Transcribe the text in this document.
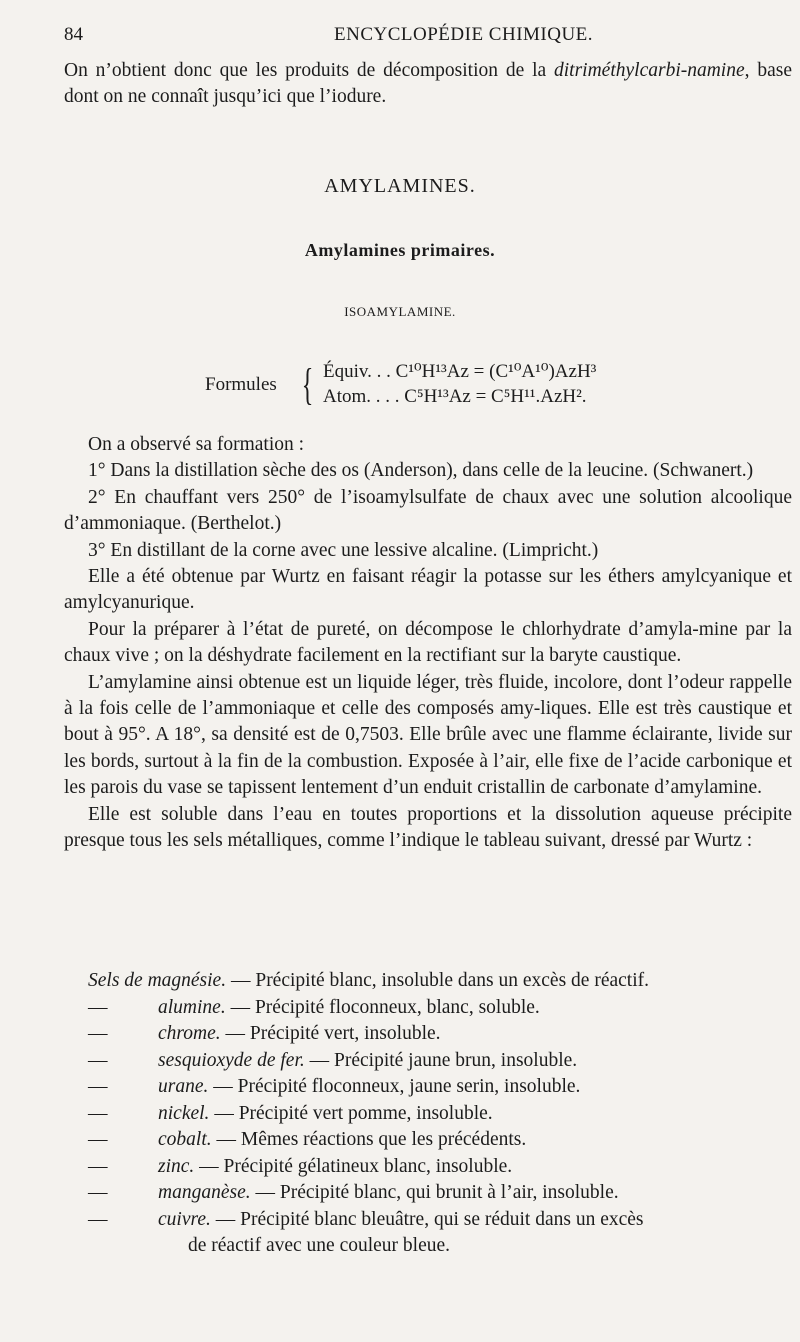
84	ENCYCLOPÉDIE CHIMIQUE.

On n’obtient donc que les produits de décomposition de la ditriméthylcarbi-namine, base dont on ne connaît jusqu’ici que l’iodure.

AMYLAMINES.
Amylamines primaires.
ISOAMYLAMINE.
Formules { Équiv. . . C¹⁰H¹³Az = (C¹⁰A¹⁰)AzH³
Atom. . . . C⁵H¹³Az = C⁵H¹¹.AzH².

On a observé sa formation :

1° Dans la distillation sèche des os (Anderson), dans celle de la leucine. (Schwanert.)

2° En chauffant vers 250° de l’isoamylsulfate de chaux avec une solution alcoolique d’ammoniaque. (Berthelot.)

3° En distillant de la corne avec une lessive alcaline. (Limpricht.)

Elle a été obtenue par Wurtz en faisant réagir la potasse sur les éthers amylcyanique et amylcyanurique.

Pour la préparer à l’état de pureté, on décompose le chlorhydrate d’amyla-mine par la chaux vive ; on la déshydrate facilement en la rectifiant sur la baryte caustique.

L’amylamine ainsi obtenue est un liquide léger, très fluide, incolore, dont l’odeur rappelle à la fois celle de l’ammoniaque et celle des composés amy-liques. Elle est très caustique et bout à 95°. A 18°, sa densité est de 0,7503. Elle brûle avec une flamme éclairante, livide sur les bords, surtout à la fin de la combustion. Exposée à l’air, elle fixe de l’acide carbonique et les parois du vase se tapissent lentement d’un enduit cristallin de carbonate d’amylamine.

Elle est soluble dans l’eau en toutes proportions et la dissolution aqueuse précipite presque tous les sels métalliques, comme l’indique le tableau suivant, dressé par Wurtz :

Sels de magnésie. — Précipité blanc, insoluble dans un excès de réactif.
—	alumine. — Précipité floconneux, blanc, soluble.
—	chrome. — Précipité vert, insoluble.
—	sesquioxyde de fer. — Précipité jaune brun, insoluble.
—	urane. — Précipité floconneux, jaune serin, insoluble.
—	nickel. — Précipité vert pomme, insoluble.
—	cobalt. — Mêmes réactions que les précédents.
—	zinc. — Précipité gélatineux blanc, insoluble.
—	manganèse. — Précipité blanc, qui brunit à l’air, insoluble.
—	cuivre. — Précipité blanc bleuâtre, qui se réduit dans un excès
de réactif avec une couleur bleue.
